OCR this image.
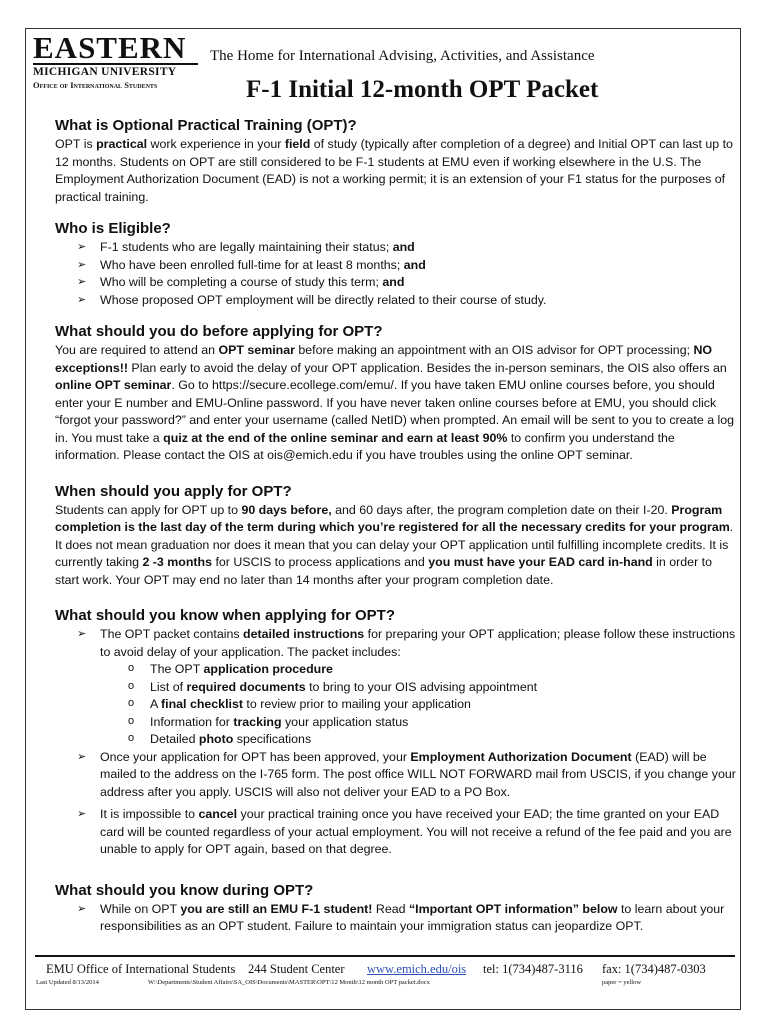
EASTERN
MICHIGAN UNIVERSITY
Office of International Students
The Home for International Advising, Activities, and Assistance
F-1 Initial 12-month OPT Packet
What is Optional Practical Training (OPT)?

OPT is practical work experience in your field of study (typically after completion of a degree) and Initial OPT can last up to 12 months. Students on OPT are still considered to be F-1 students at EMU even if working elsewhere in the U.S. The Employment Authorization Document (EAD) is not a working permit; it is an extension of your F1 status for the purposes of practical training.

Who is Eligible?
➢ F-1 students who are legally maintaining their status; and
➢ Who have been enrolled full-time for at least 8 months; and
➢ Who will be completing a course of study this term; and
➢ Whose proposed OPT employment will be directly related to their course of study.
What should you do before applying for OPT?

You are required to attend an OPT seminar before making an appointment with an OIS advisor for OPT processing; NO exceptions!! Plan early to avoid the delay of your OPT application. Besides the in-person seminars, the OIS also offers an online OPT seminar. Go to https://secure.ecollege.com/emu/. If you have taken EMU online courses before, you should enter your E number and EMU-Online password. If you have never taken online courses before at EMU, you should click “forgot your password?” and enter your username (called NetID) when prompted. An email will be sent to you to create a log in. You must take a quiz at the end of the online seminar and earn at least 90% to confirm you understand the information. Please contact the OIS at ois@emich.edu if you have troubles using the online OPT seminar.

When should you apply for OPT?

Students can apply for OPT up to 90 days before, and 60 days after, the program completion date on their I-20. Program completion is the last day of the term during which you’re registered for all the necessary credits for your program. It does not mean graduation nor does it mean that you can delay your OPT application until fulfilling incomplete credits. It is currently taking 2 -3 months for USCIS to process applications and you must have your EAD card in-hand in order to start work. Your OPT may end no later than 14 months after your program completion date.

What should you know when applying for OPT?
➢ The OPT packet contains detailed instructions for preparing your OPT application; please follow these instructions to avoid delay of your application. The packet includes:
o The OPT application procedure
o List of required documents to bring to your OIS advising appointment
o A final checklist to review prior to mailing your application
o Information for tracking your application status
o Detailed photo specifications
➢ Once your application for OPT has been approved, your Employment Authorization Document (EAD) will be mailed to the address on the I-765 form. The post office WILL NOT FORWARD mail from USCIS, if you change your address after you apply. USCIS will also not deliver your EAD to a PO Box.
➢ It is impossible to cancel your practical training once you have received your EAD; the time granted on your EAD card will be counted regardless of your actual employment. You will not receive a refund of the fee paid and you are unable to apply for OPT again, based on that degree.
What should you know during OPT?
➢ While on OPT you are still an EMU F-1 student! Read “Important OPT information” below to learn about your responsibilities as an OPT student. Failure to maintain your immigration status can jeopardize OPT.
EMU Office of International Students 244 Student Center www.emich.edu/ois tel: 1(734)487-3116 fax: 1(734)487-0303
Last Updated 8/13/2014	W:\Departments\Student Affairs\SA_OIS\Documents\MASTER\OPT\12 Month\12 month OPT packet.docx	paper = yellow
